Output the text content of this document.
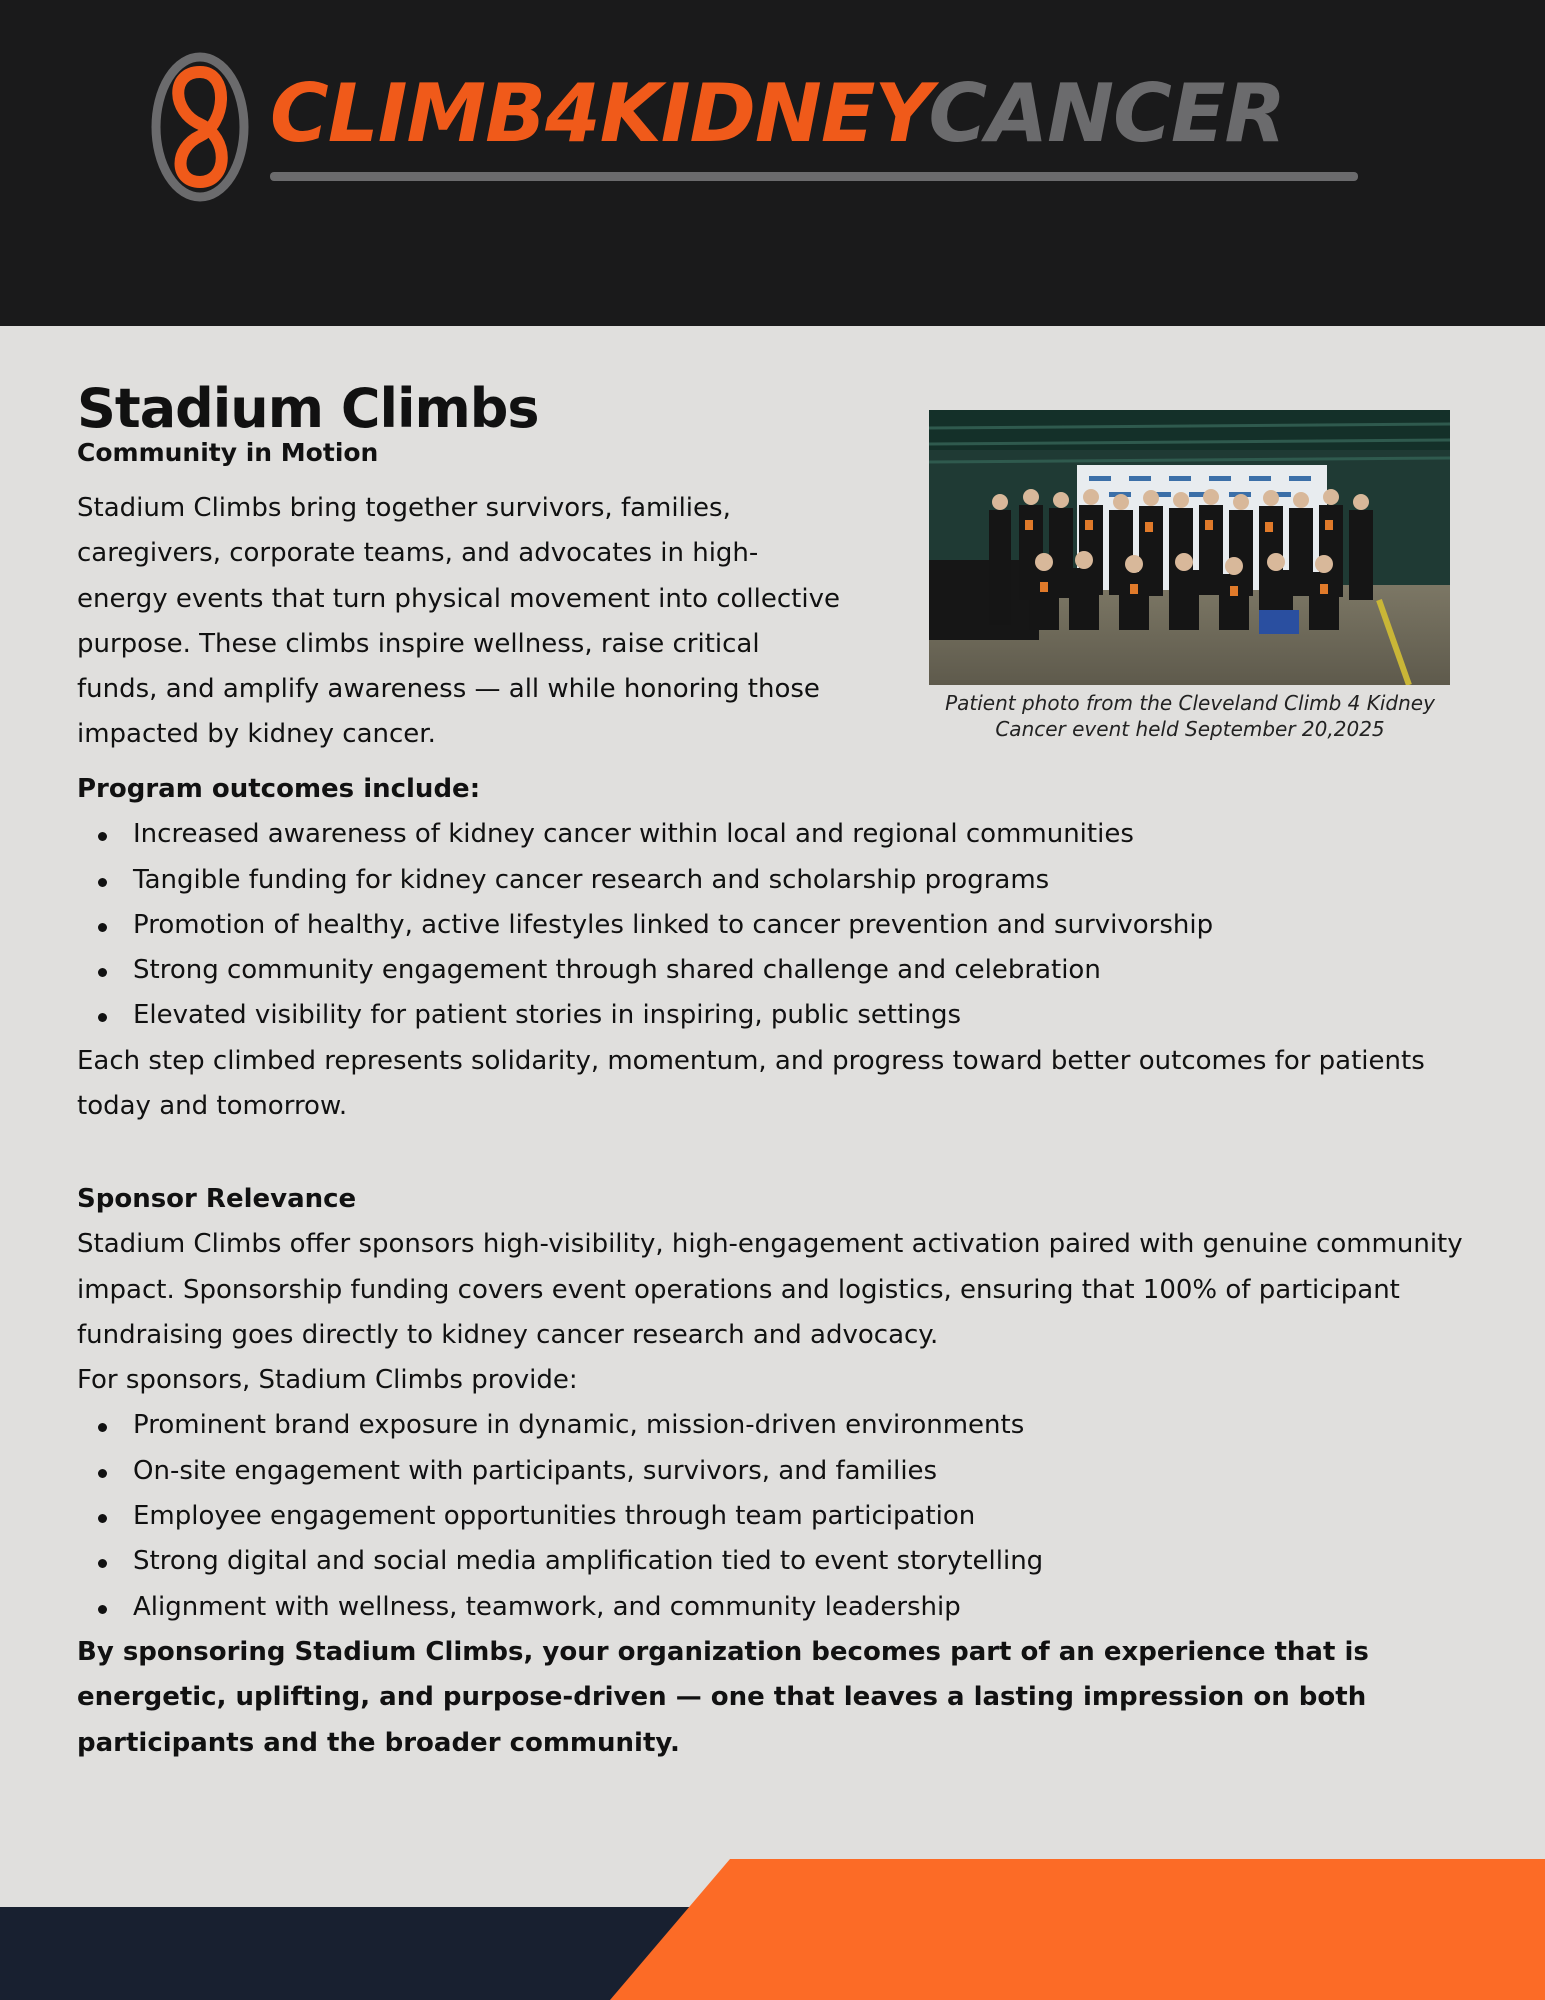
CLIMB4KIDNEYCANCER
Stadium Climbs

Community in Motion

Stadium Climbs bring together survivors, families, caregivers, corporate teams, and advocates in high-energy events that turn physical movement into collective purpose. These climbs inspire wellness, raise critical funds, and amplify awareness — all while honoring those impacted by kidney cancer.

Patient photo from the Cleveland Climb 4 Kidney
Cancer event held September 20,2025

Program outcomes include:
Increased awareness of kidney cancer within local and regional communities
Tangible funding for kidney cancer research and scholarship programs
Promotion of healthy, active lifestyles linked to cancer prevention and survivorship
Strong community engagement through shared challenge and celebration
Elevated visibility for patient stories in inspiring, public settings
Each step climbed represents solidarity, momentum, and progress toward better outcomes for patients today and tomorrow.
Sponsor Relevance
Stadium Climbs offer sponsors high-visibility, high-engagement activation paired with genuine community impact. Sponsorship funding covers event operations and logistics, ensuring that 100% of participant fundraising goes directly to kidney cancer research and advocacy.
For sponsors, Stadium Climbs provide:
Prominent brand exposure in dynamic, mission-driven environments
On-site engagement with participants, survivors, and families
Employee engagement opportunities through team participation
Strong digital and social media amplification tied to event storytelling
Alignment with wellness, teamwork, and community leadership
By sponsoring Stadium Climbs, your organization becomes part of an experience that is energetic, uplifting, and purpose-driven — one that leaves a lasting impression on both participants and the broader community.
